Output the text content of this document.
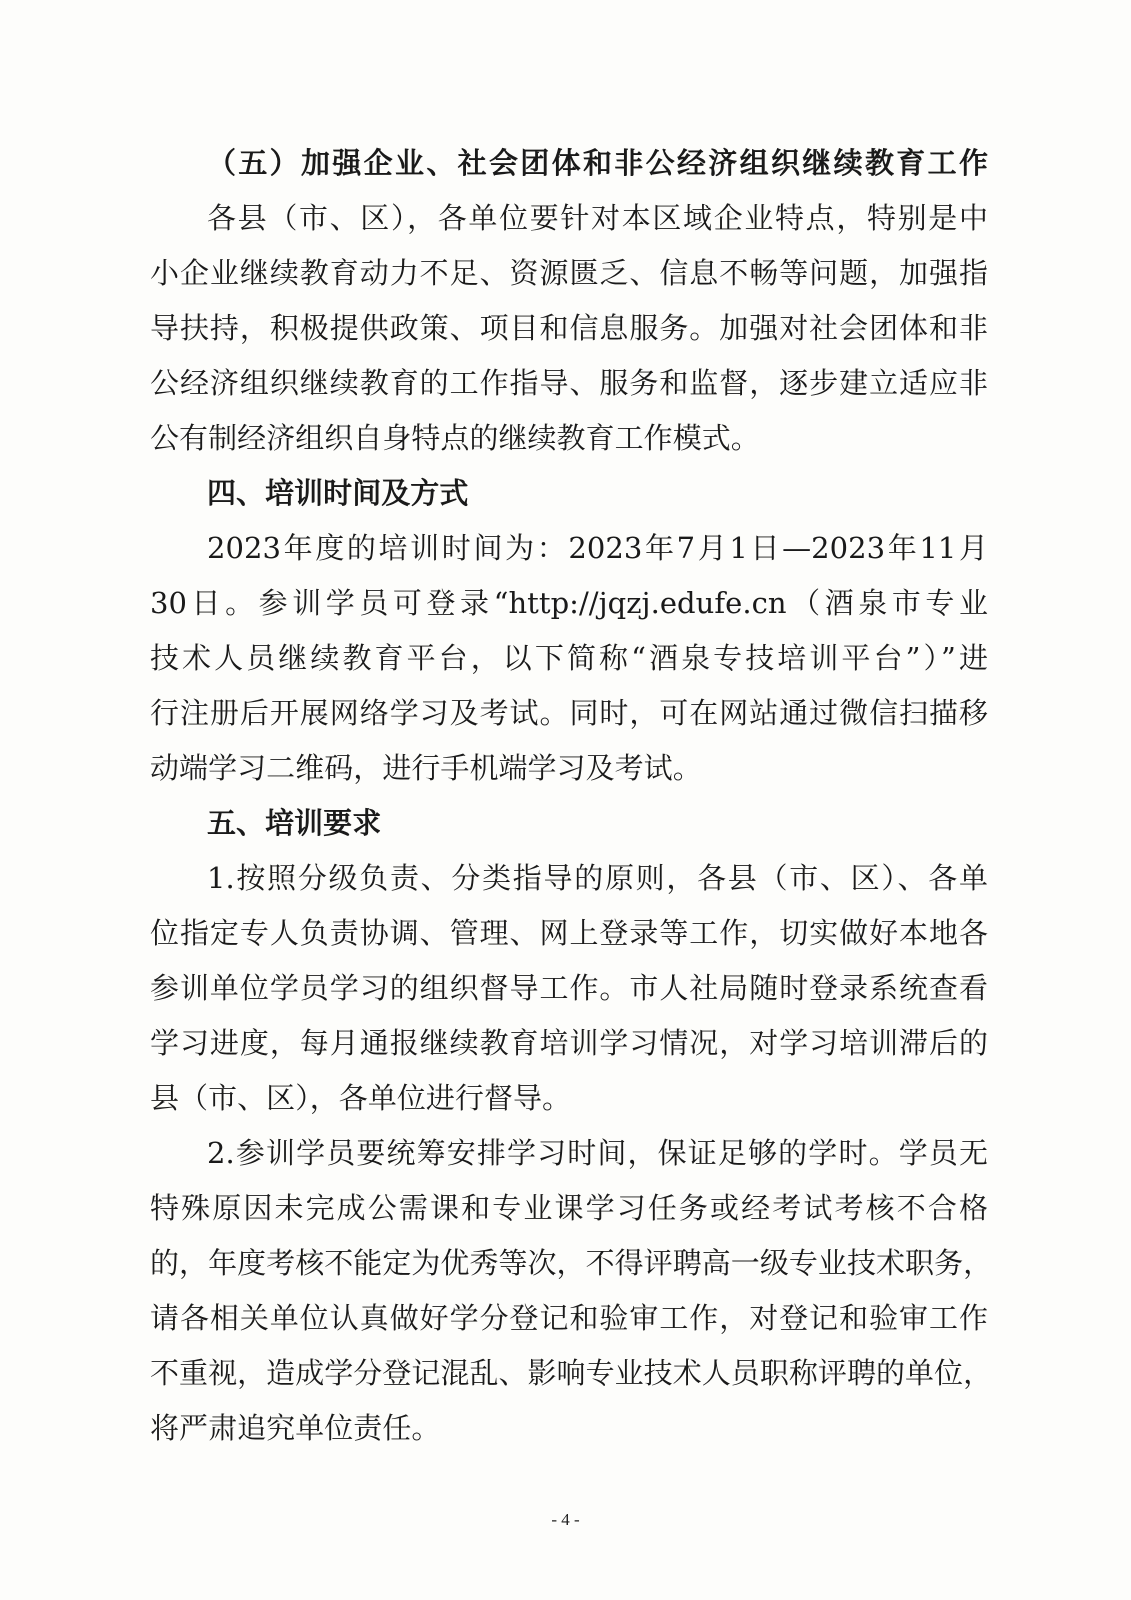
（五）加强企业、社会团体和非公经济组织继续教育工作
各县（市、区），各单位要针对本区域企业特点，特别是中
小企业继续教育动力不足、资源匮乏、信息不畅等问题，加强指
导扶持，积极提供政策、项目和信息服务。加强对社会团体和非
公经济组织继续教育的工作指导、服务和监督，逐步建立适应非
公有制经济组织自身特点的继续教育工作模式。
四、培训时间及方式
2023年度的培训时间为：2023年7月1日—2023年11月
30日。参训学员可登录“http://jqzj.edufe.cn（酒泉市专业
技术人员继续教育平台，以下简称“酒泉专技培训平台”）”进
行注册后开展网络学习及考试。同时，可在网站通过微信扫描移
动端学习二维码，进行手机端学习及考试。
五、培训要求
1.按照分级负责、分类指导的原则，各县（市、区）、各单
位指定专人负责协调、管理、网上登录等工作，切实做好本地各
参训单位学员学习的组织督导工作。市人社局随时登录系统查看
学习进度，每月通报继续教育培训学习情况，对学习培训滞后的
县（市、区），各单位进行督导。
2.参训学员要统筹安排学习时间，保证足够的学时。学员无
特殊原因未完成公需课和专业课学习任务或经考试考核不合格
的，年度考核不能定为优秀等次，不得评聘高一级专业技术职务，
请各相关单位认真做好学分登记和验审工作，对登记和验审工作
不重视，造成学分登记混乱、影响专业技术人员职称评聘的单位，
将严肃追究单位责任。
- 4 -
